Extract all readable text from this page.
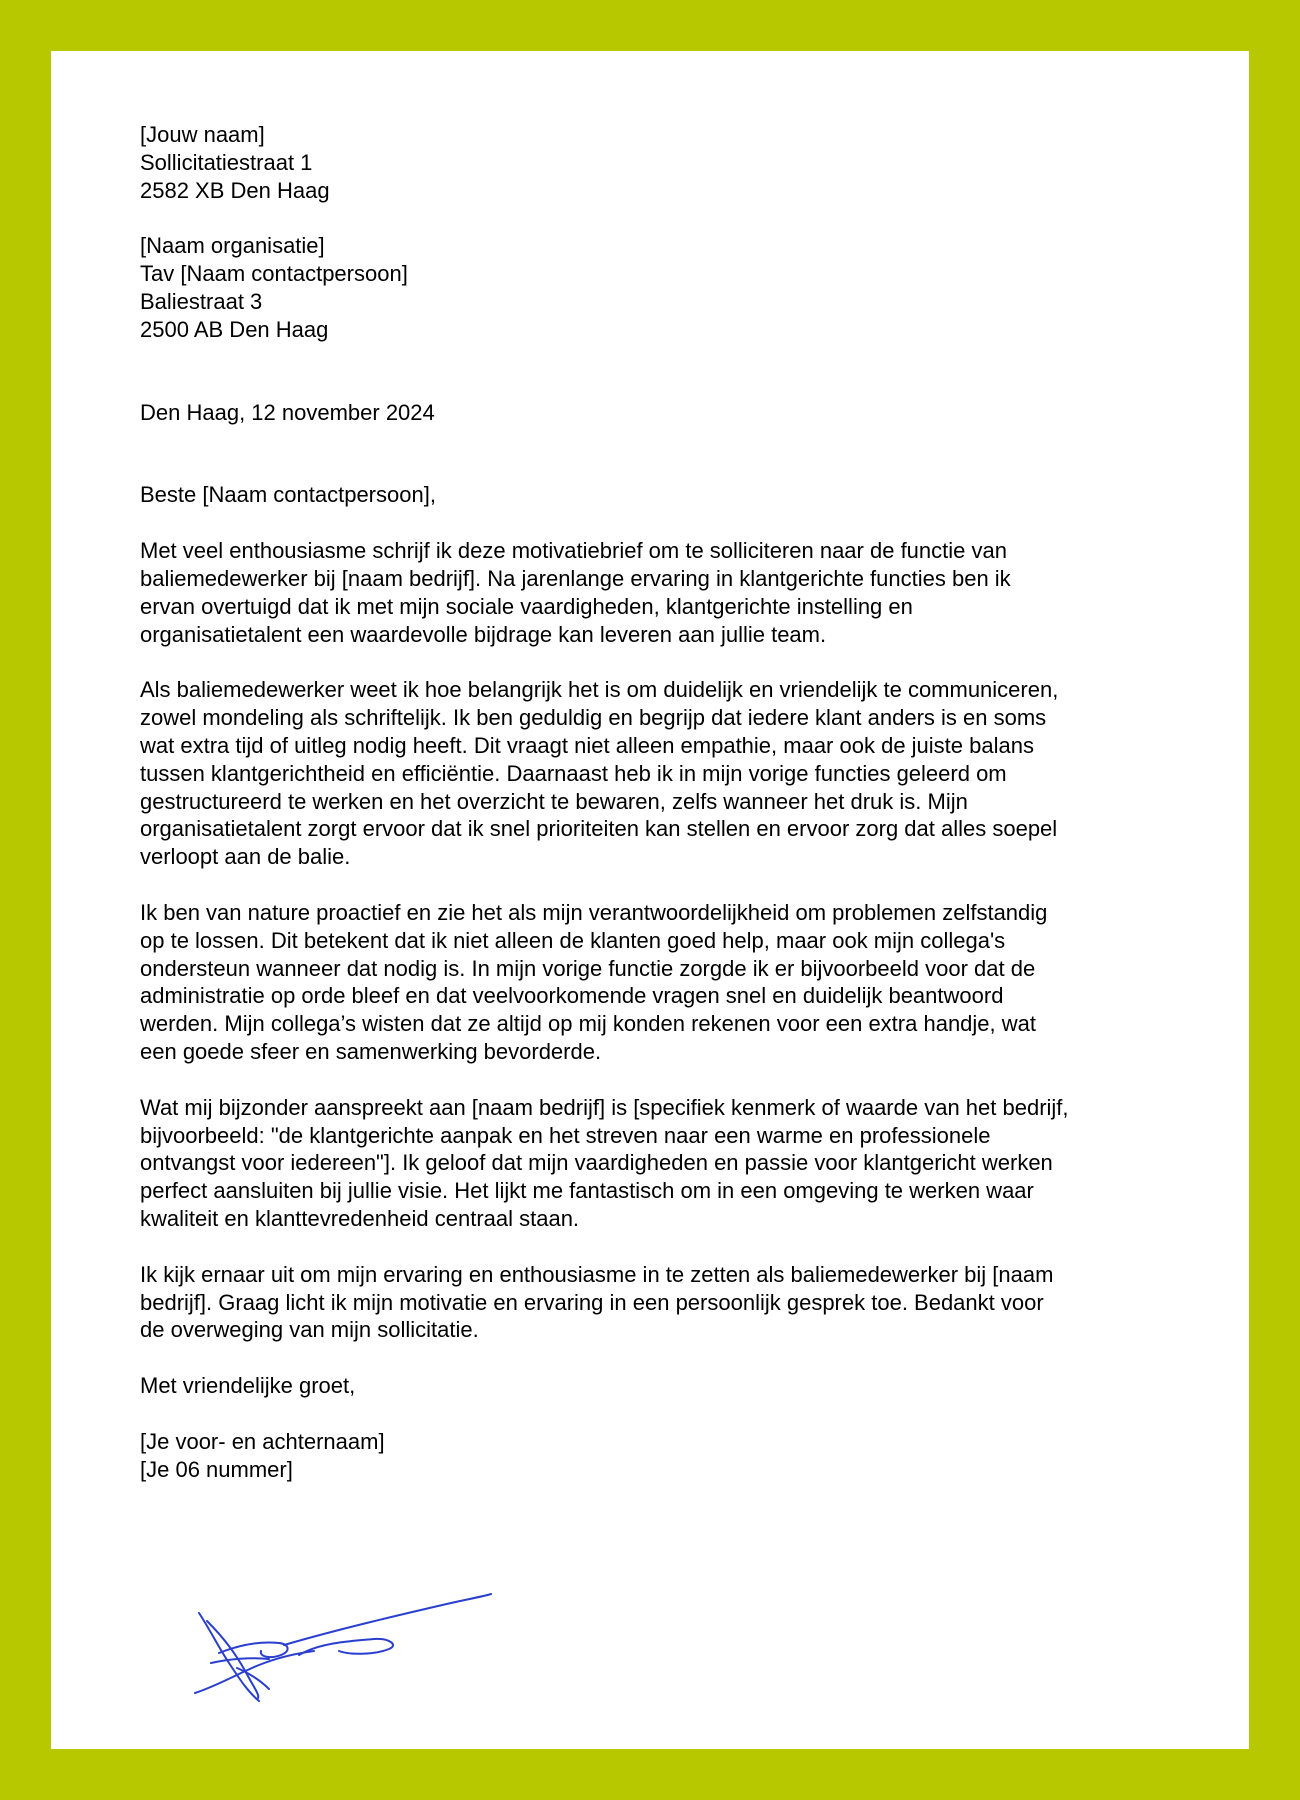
[Jouw naam]
Sollicitatiestraat 1
2582 XB Den Haag
[Naam organisatie]
Tav [Naam contactpersoon]
Baliestraat 3
2500 AB Den Haag
Den Haag, 12 november 2024
Beste [Naam contactpersoon],
Met veel enthousiasme schrijf ik deze motivatiebrief om te solliciteren naar de functie van
baliemedewerker bij [naam bedrijf]. Na jarenlange ervaring in klantgerichte functies ben ik
ervan overtuigd dat ik met mijn sociale vaardigheden, klantgerichte instelling en
organisatietalent een waardevolle bijdrage kan leveren aan jullie team.
Als baliemedewerker weet ik hoe belangrijk het is om duidelijk en vriendelijk te communiceren,
zowel mondeling als schriftelijk. Ik ben geduldig en begrijp dat iedere klant anders is en soms
wat extra tijd of uitleg nodig heeft. Dit vraagt niet alleen empathie, maar ook de juiste balans
tussen klantgerichtheid en efficiëntie. Daarnaast heb ik in mijn vorige functies geleerd om
gestructureerd te werken en het overzicht te bewaren, zelfs wanneer het druk is. Mijn
organisatietalent zorgt ervoor dat ik snel prioriteiten kan stellen en ervoor zorg dat alles soepel
verloopt aan de balie.
Ik ben van nature proactief en zie het als mijn verantwoordelijkheid om problemen zelfstandig
op te lossen. Dit betekent dat ik niet alleen de klanten goed help, maar ook mijn collega's
ondersteun wanneer dat nodig is. In mijn vorige functie zorgde ik er bijvoorbeeld voor dat de
administratie op orde bleef en dat veelvoorkomende vragen snel en duidelijk beantwoord
werden. Mijn collega’s wisten dat ze altijd op mij konden rekenen voor een extra handje, wat
een goede sfeer en samenwerking bevorderde.
Wat mij bijzonder aanspreekt aan [naam bedrijf] is [specifiek kenmerk of waarde van het bedrijf,
bijvoorbeeld: "de klantgerichte aanpak en het streven naar een warme en professionele
ontvangst voor iedereen"]. Ik geloof dat mijn vaardigheden en passie voor klantgericht werken
perfect aansluiten bij jullie visie. Het lijkt me fantastisch om in een omgeving te werken waar
kwaliteit en klanttevredenheid centraal staan.
Ik kijk ernaar uit om mijn ervaring en enthousiasme in te zetten als baliemedewerker bij [naam
bedrijf]. Graag licht ik mijn motivatie en ervaring in een persoonlijk gesprek toe. Bedankt voor
de overweging van mijn sollicitatie.
Met vriendelijke groet,
[Je voor- en achternaam]
[Je 06 nummer]
